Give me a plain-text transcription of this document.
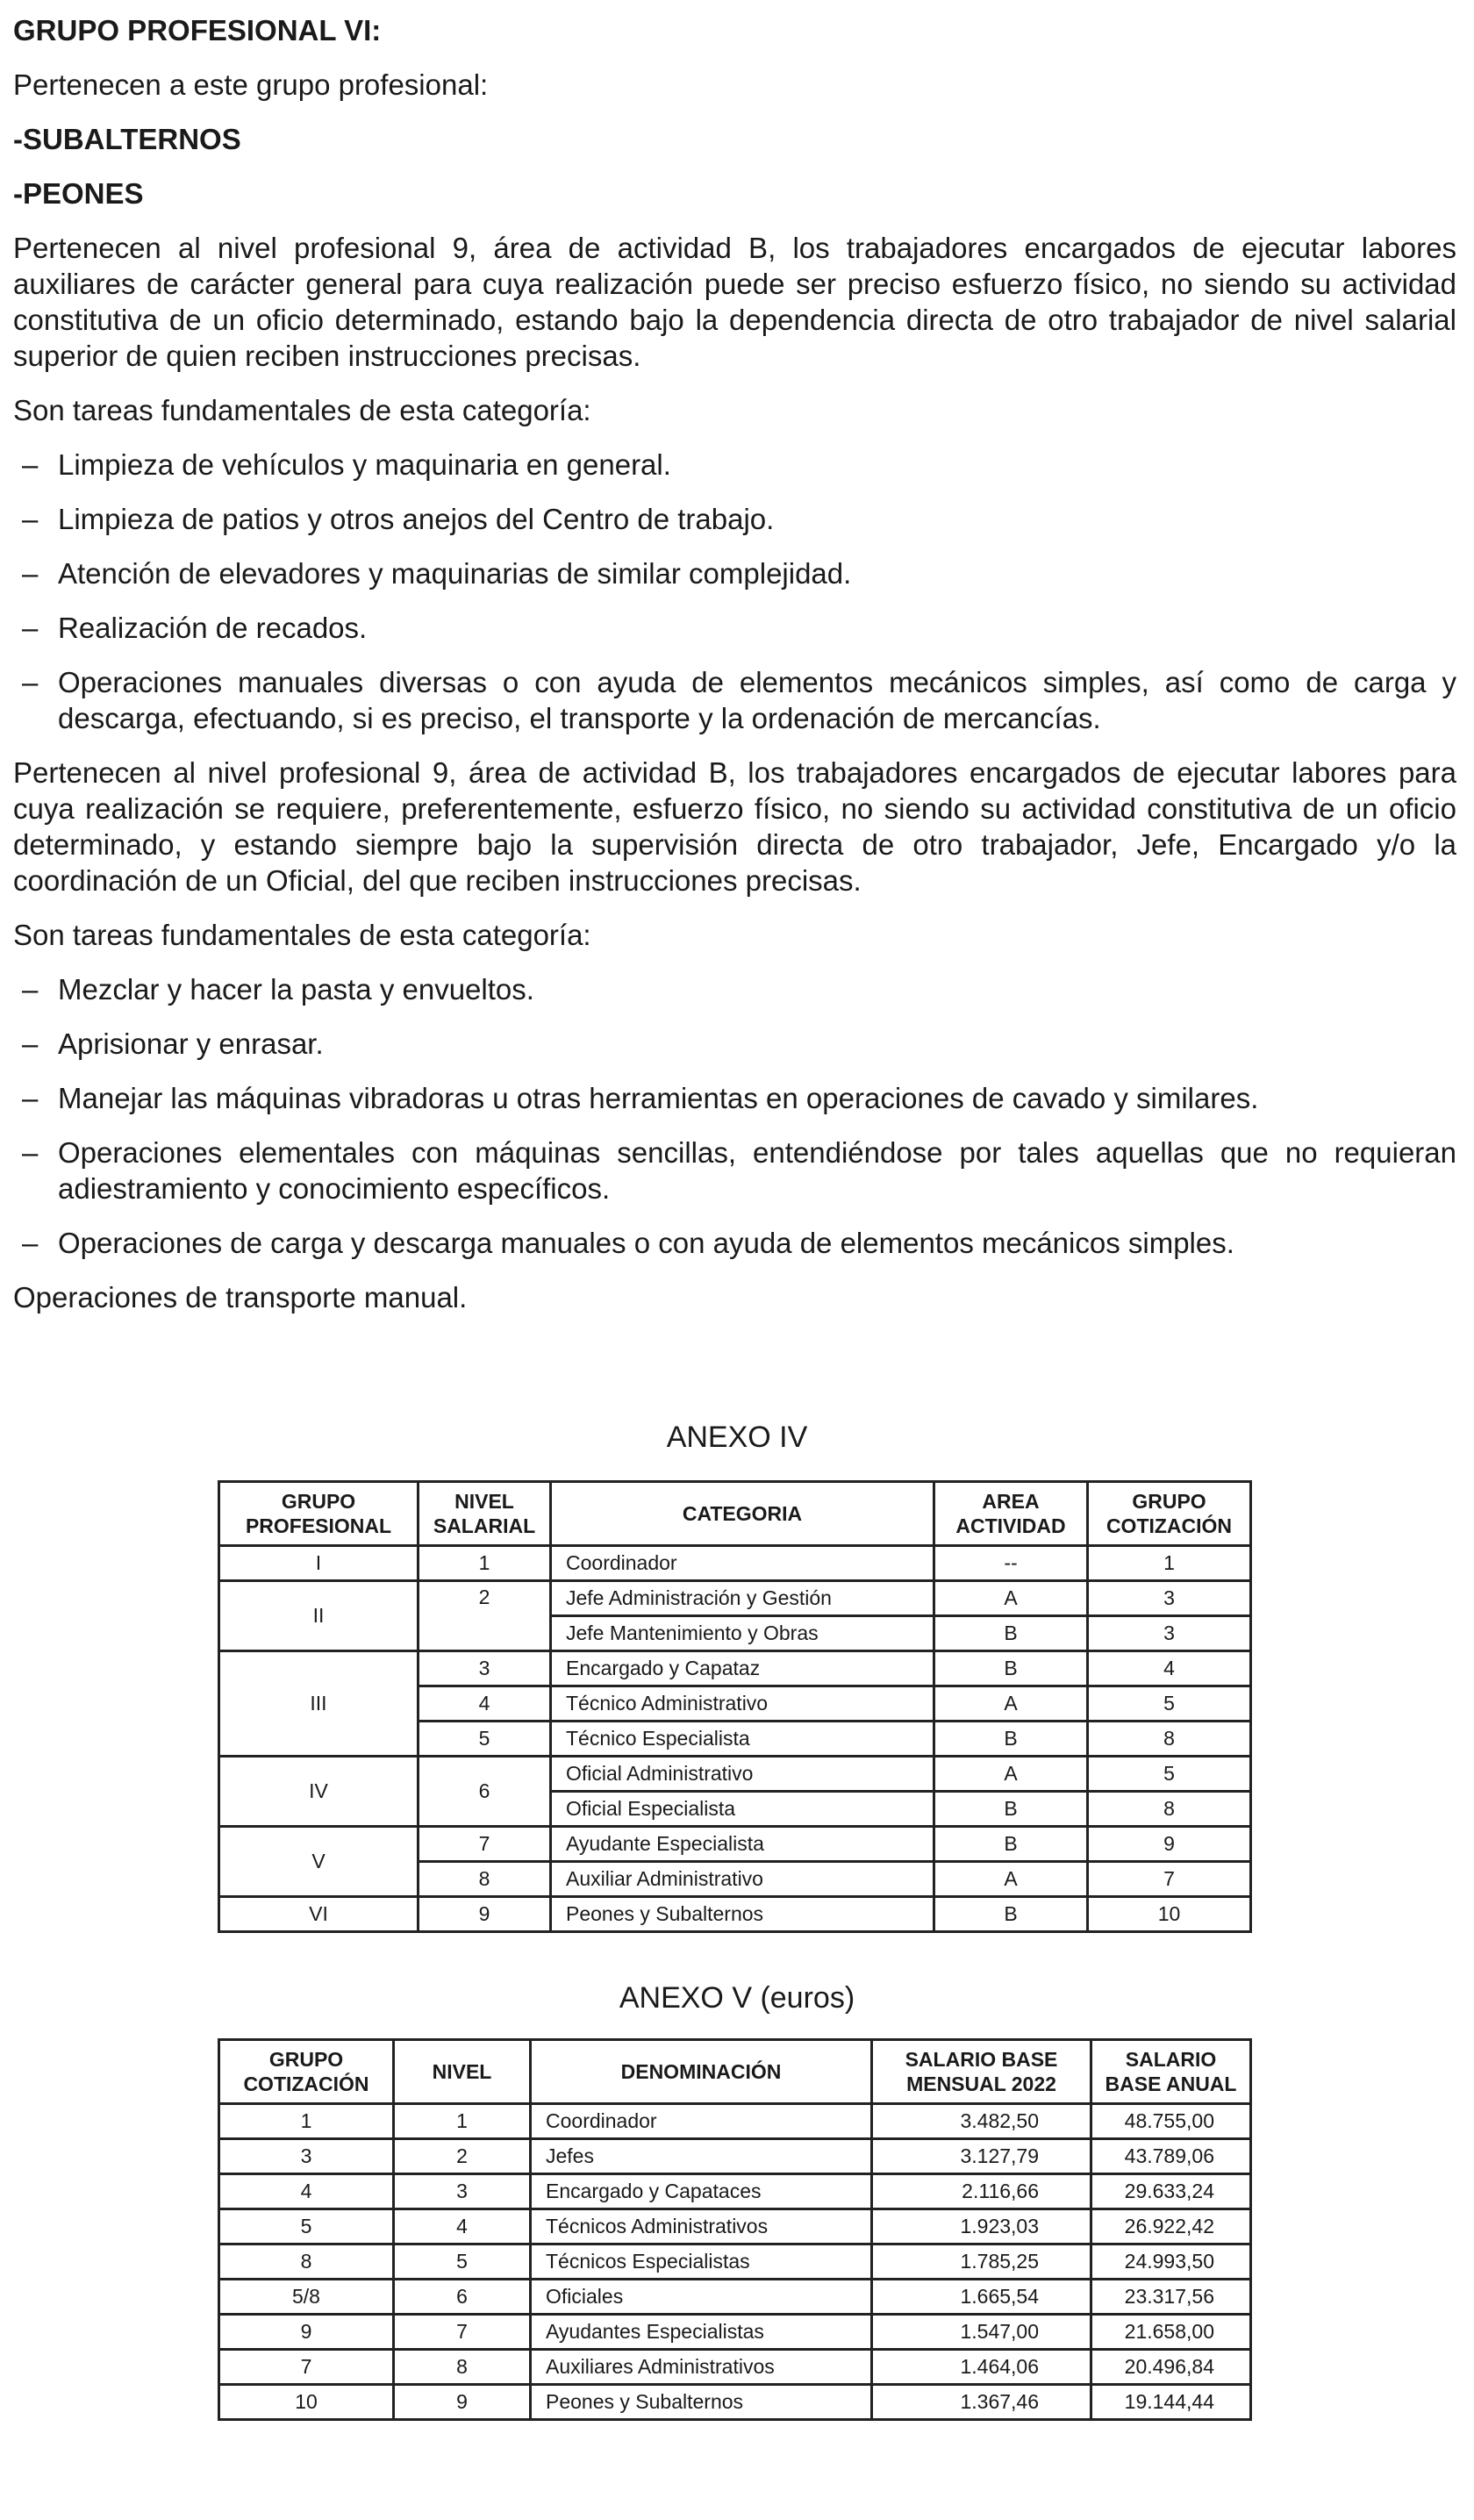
GRUPO PROFESIONAL VI:

Pertenecen a este grupo profesional:

-SUBALTERNOS

-PEONES

Pertenecen al nivel profesional 9, área de actividad B, los trabajadores encargados de ejecutar labores auxiliares de carácter general para cuya realización puede ser preciso esfuerzo físico, no siendo su actividad constitutiva de un oficio determinado, estando bajo la dependencia directa de otro trabajador de nivel salarial superior de quien reciben instrucciones precisas.

Son tareas fundamentales de esta categoría:

– Limpieza de vehículos y maquinaria en general.
– Limpieza de patios y otros anejos del Centro de trabajo.
– Atención de elevadores y maquinarias de similar complejidad.
– Realización de recados.
– Operaciones manuales diversas o con ayuda de elementos mecánicos simples, así como de carga y descarga, efectuando, si es preciso, el transporte y la ordenación de mercancías.

Pertenecen al nivel profesional 9, área de actividad B, los trabajadores encargados de ejecutar labores para cuya realización se requiere, preferentemente, esfuerzo físico, no siendo su actividad constitutiva de un oficio determinado, y estando siempre bajo la supervisión directa de otro trabajador, Jefe, Encargado y/o la coordinación de un Oficial, del que reciben instrucciones precisas.

Son tareas fundamentales de esta categoría:

– Mezclar y hacer la pasta y envueltos.
– Aprisionar y enrasar.
– Manejar las máquinas vibradoras u otras herramientas en operaciones de cavado y similares.
– Operaciones elementales con máquinas sencillas, entendiéndose por tales aquellas que no requieran adiestramiento y conocimiento específicos.
– Operaciones de carga y descarga manuales o con ayuda de elementos mecánicos simples.

Operaciones de transporte manual.

ANEXO IV
GRUPO PROFESIONAL	NIVEL SALARIAL	CATEGORIA	AREA ACTIVIDAD	GRUPO COTIZACIÓN
I	1	Coordinador	--	1
II	2	Jefe Administración y Gestión	A	3
		Jefe Mantenimiento y Obras	B	3
III	3	Encargado y Capataz	B	4
	4	Técnico Administrativo	A	5
	5	Técnico Especialista	B	8
IV	6	Oficial Administrativo	A	5
		Oficial Especialista	B	8
V	7	Ayudante Especialista	B	9
	8	Auxiliar Administrativo	A	7
VI	9	Peones y Subalternos	B	10
ANEXO V (euros)
GRUPO COTIZACIÓN	NIVEL	DENOMINACIÓN	SALARIO BASE MENSUAL 2022	SALARIO BASE ANUAL
1	1	Coordinador	3.482,50	48.755,00
3	2	Jefes	3.127,79	43.789,06
4	3	Encargado y Capataces	2.116,66	29.633,24
5	4	Técnicos Administrativos	1.923,03	26.922,42
8	5	Técnicos Especialistas	1.785,25	24.993,50
5/8	6	Oficiales	1.665,54	23.317,56
9	7	Ayudantes Especialistas	1.547,00	21.658,00
7	8	Auxiliares Administrativos	1.464,06	20.496,84
10	9	Peones y Subalternos	1.367,46	19.144,44
